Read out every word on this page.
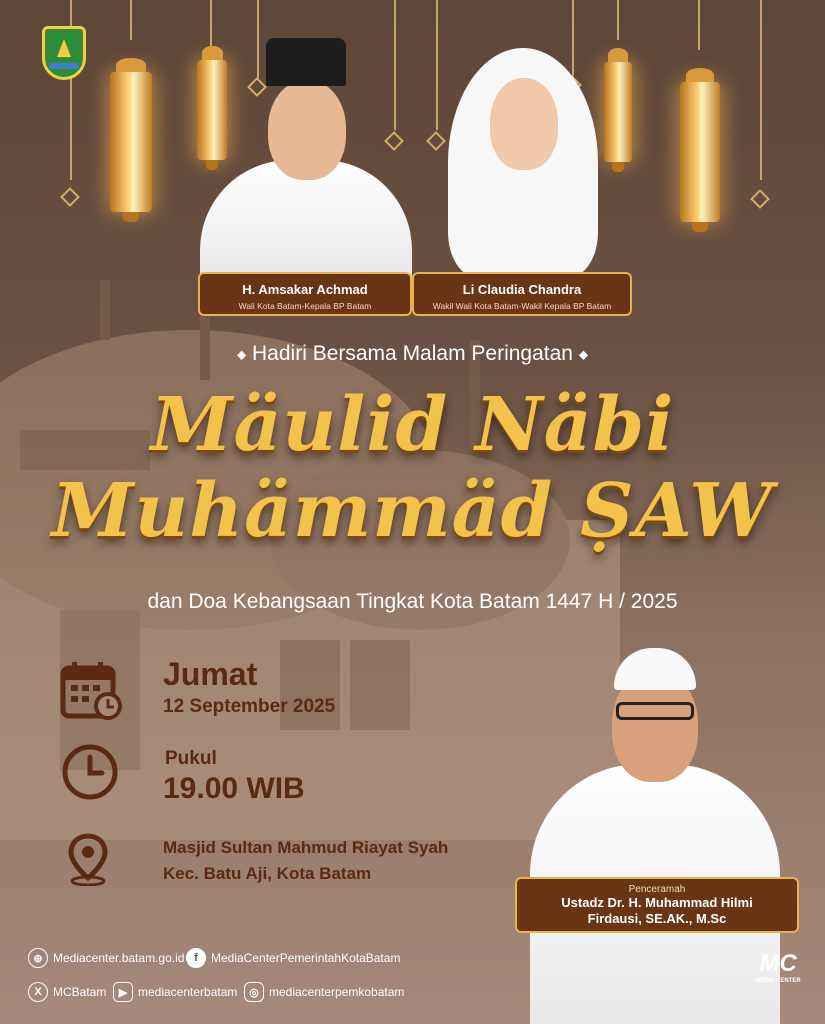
H. Amsakar Achmad
Wali Kota Batam-Kepala BP Batam
Li Claudia Chandra
Wakil Wali Kota Batam-Wakil Kepala BP Batam
◆ Hadiri Bersama Malam Peringatan ◆
Mäulid Näbi
Muhämmäd ṢAW
dan Doa Kebangsaan Tingkat Kota Batam 1447 H / 2025
Jumat
12 September 2025
Pukul
19.00 WIB
Masjid Sultan Mahmud Riayat Syah
Kec. Batu Aji, Kota Batam
Penceramah
Ustadz Dr. H. Muhammad Hilmi
Firdausi, SE.AK., M.Sc
⊕ Mediacenter.batam.go.id f	MediaCenterPemerintahKotaBatam
X MCBatam	▶ mediacenterbatam	◎ mediacenterpemkobatam
MC
MEDIA CENTER
